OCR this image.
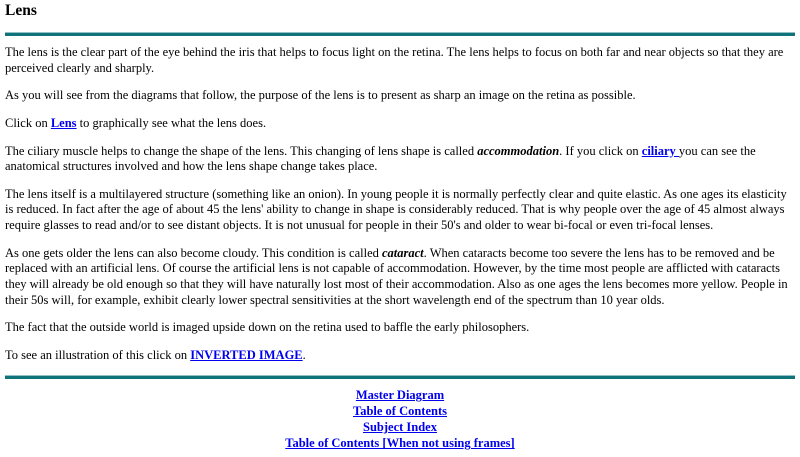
Lens

The lens is the clear part of the eye behind the iris that helps to focus light on the retina. The lens helps to focus on both far and near objects so that they are perceived clearly and sharply.

As you will see from the diagrams that follow, the purpose of the lens is to present as sharp an image on the retina as possible.

Click on Lens to graphically see what the lens does.

The ciliary muscle helps to change the shape of the lens. This changing of lens shape is called accommodation. If you click on ciliary you can see the anatomical structures involved and how the lens shape change takes place.

The lens itself is a multilayered structure (something like an onion). In young people it is normally perfectly clear and quite elastic. As one ages its elasticity is reduced. In fact after the age of about 45 the lens' ability to change in shape is considerably reduced. That is why people over the age of 45 almost always require glasses to read and/or to see distant objects. It is not unusual for people in their 50's and older to wear bi-focal or even tri-focal lenses.

As one gets older the lens can also become cloudy. This condition is called cataract. When cataracts become too severe the lens has to be removed and be replaced with an artificial lens. Of course the artificial lens is not capable of accommodation. However, by the time most people are afflicted with cataracts they will already be old enough so that they will have naturally lost most of their accommodation. Also as one ages the lens becomes more yellow. People in their 50s will, for example, exhibit clearly lower spectral sensitivities at the short wavelength end of the spectrum than 10 year olds.

The fact that the outside world is imaged upside down on the retina used to baffle the early philosophers.

To see an illustration of this click on INVERTED IMAGE.

Master Diagram
Table of Contents
Subject Index
Table of Contents [When not using frames]
